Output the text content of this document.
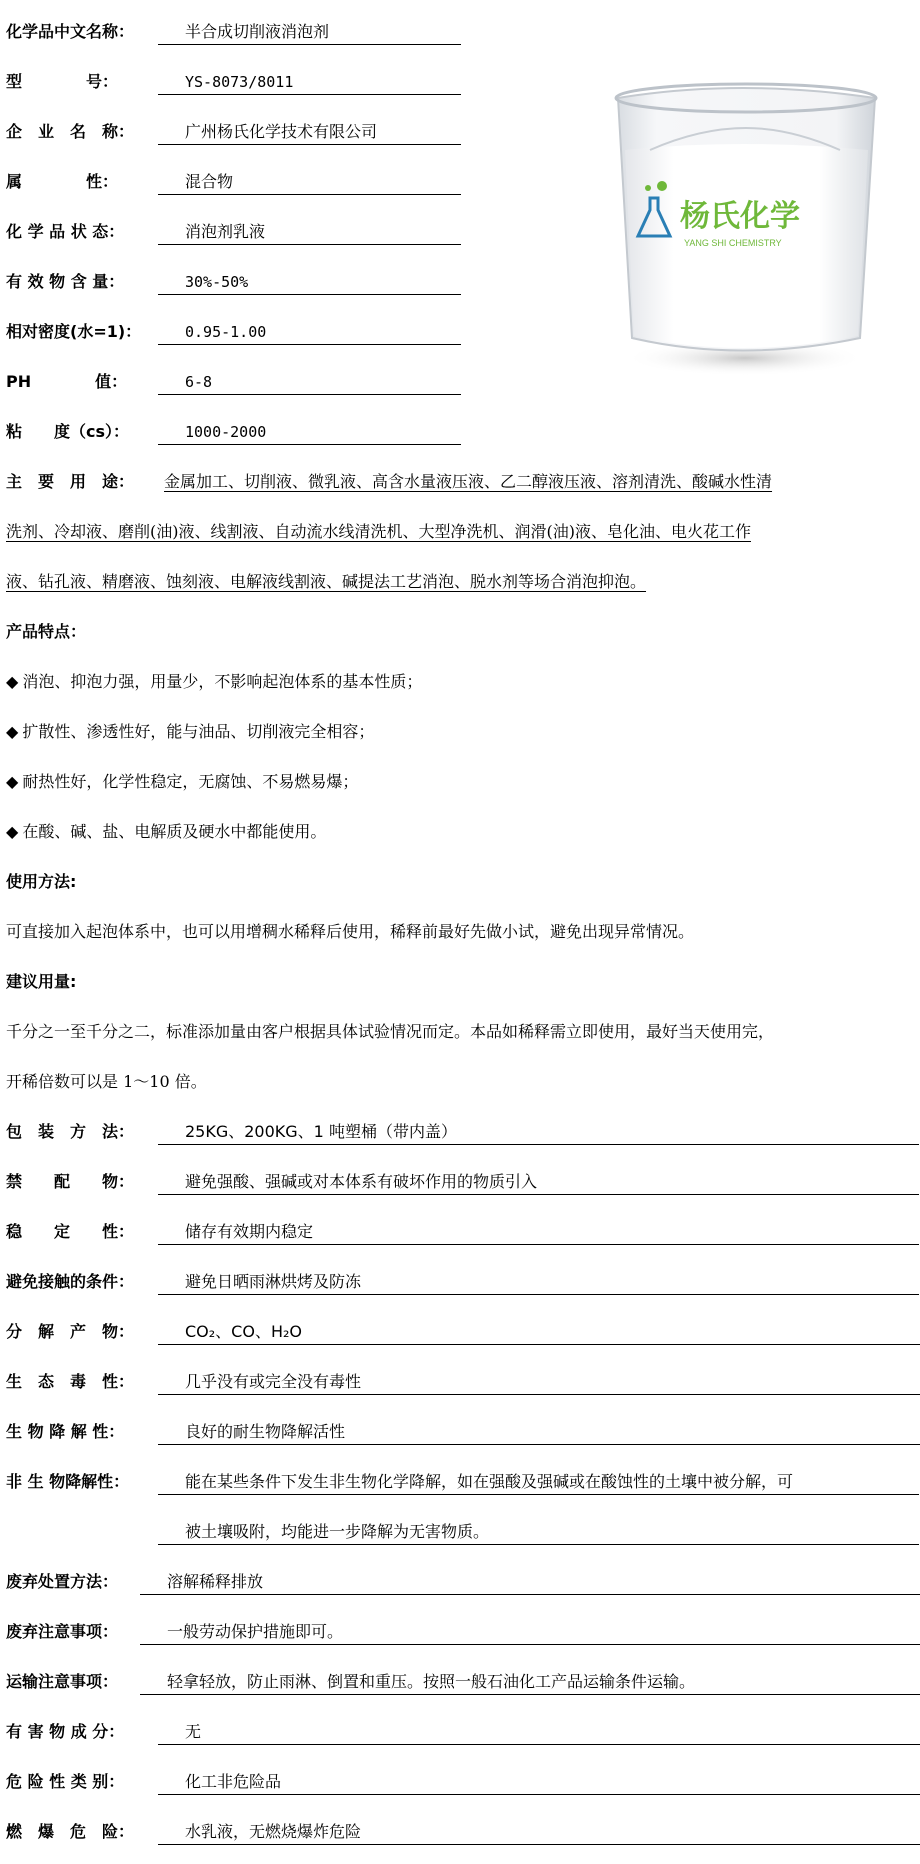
化学品中文名称：	半合成切削液消泡剂
型　　　　号：	YS-8073/8011
企　业　名　称：	广州杨氏化学技术有限公司
属　　　　性：	混合物
化 学 品 状 态：	消泡剂乳液
有 效 物 含 量：	30%-50%
相对密度(水=1)：	0.95-1.00
PH　　　　值：	6-8
粘　　度（cs）：	1000-2000
杨氏化学
YANG SHI CHEMISTRY
主　要　用　途： 金属加工、切削液、微乳液、高含水量液压液、乙二醇液压液、溶剂清洗、酸碱水性清
洗剂、冷却液、磨削(油)液、线割液、自动流水线清洗机、大型净洗机、润滑(油)液、皂化油、电火花工作
液、钻孔液、精磨液、蚀刻液、电解液线割液、碱提法工艺消泡、脱水剂等场合消泡抑泡。
产品特点：
◆ 消泡、抑泡力强，用量少，不影响起泡体系的基本性质；
◆ 扩散性、渗透性好，能与油品、切削液完全相容；
◆ 耐热性好，化学性稳定，无腐蚀、不易燃易爆；
◆ 在酸、碱、盐、电解质及硬水中都能使用。
使用方法:
可直接加入起泡体系中，也可以用增稠水稀释后使用，稀释前最好先做小试，避免出现异常情况。
建议用量:
千分之一至千分之二，标准添加量由客户根据具体试验情况而定。本品如稀释需立即使用，最好当天使用完，
开稀倍数可以是 1～10 倍。
包　装　方　法：	25KG、200KG、1 吨塑桶（带内盖）
禁　　配　　物：	避免强酸、强碱或对本体系有破坏作用的物质引入
稳　　定　　性：	储存有效期内稳定
避免接触的条件：	避免日晒雨淋烘烤及防冻
分　解　产　物：	CO₂、CO、H₂O
生　态　毒　性：	几乎没有或完全没有毒性
生 物 降 解 性：	良好的耐生物降解活性
非 生 物降解性：	能在某些条件下发生非生物化学降解，如在强酸及强碱或在酸蚀性的土壤中被分解，可
被土壤吸附，均能进一步降解为无害物质。
废弃处置方法：	溶解稀释排放
废弃注意事项：	一般劳动保护措施即可。
运输注意事项：	轻拿轻放，防止雨淋、倒置和重压。按照一般石油化工产品运输条件运输。
有 害 物 成 分：	无
危 险 性 类 别：	化工非危险品
燃　爆　危　险：	水乳液，无燃烧爆炸危险
